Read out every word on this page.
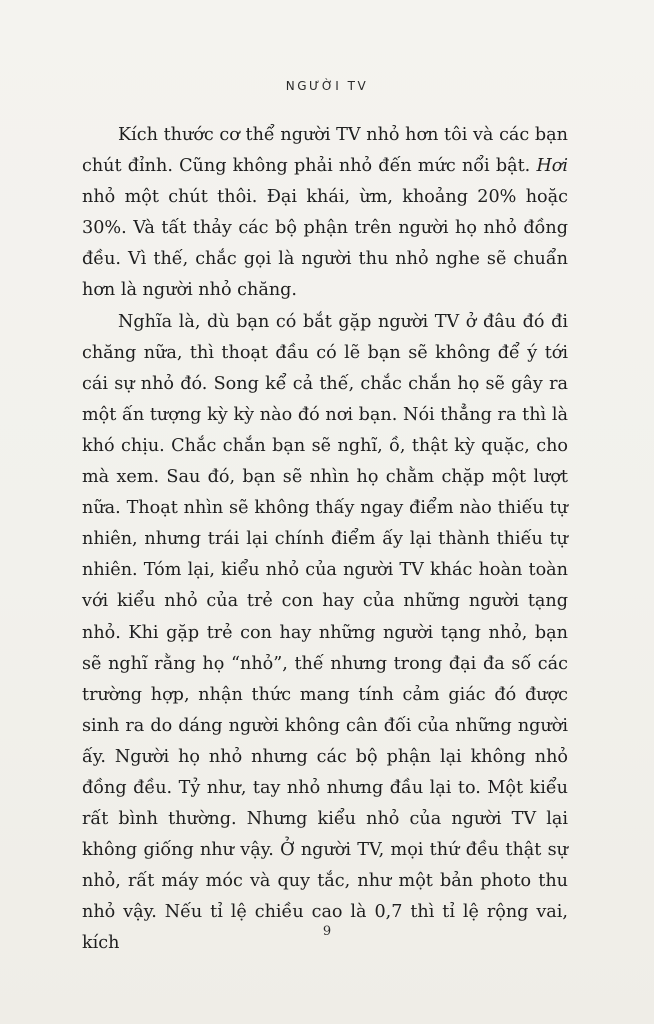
NGƯỜI TV

Kích thước cơ thể người TV nhỏ hơn tôi và các bạn chút đỉnh. Cũng không phải nhỏ đến mức nổi bật. Hơi nhỏ một chút thôi. Đại khái, ừm, khoảng 20% hoặc 30%. Và tất thảy các bộ phận trên người họ nhỏ đồng đều. Vì thế, chắc gọi là người thu nhỏ nghe sẽ chuẩn hơn là người nhỏ chăng.

Nghĩa là, dù bạn có bắt gặp người TV ở đâu đó đi chăng nữa, thì thoạt đầu có lẽ bạn sẽ không để ý tới cái sự nhỏ đó. Song kể cả thế, chắc chắn họ sẽ gây ra một ấn tượng kỳ kỳ nào đó nơi bạn. Nói thẳng ra thì là khó chịu. Chắc chắn bạn sẽ nghĩ, ồ, thật kỳ quặc, cho mà xem. Sau đó, bạn sẽ nhìn họ chằm chặp một lượt nữa. Thoạt nhìn sẽ không thấy ngay điểm nào thiếu tự nhiên, nhưng trái lại chính điểm ấy lại thành thiếu tự nhiên. Tóm lại, kiểu nhỏ của người TV khác hoàn toàn với kiểu nhỏ của trẻ con hay của những người tạng nhỏ. Khi gặp trẻ con hay những người tạng nhỏ, bạn sẽ nghĩ rằng họ “nhỏ”, thế nhưng trong đại đa số các trường hợp, nhận thức mang tính cảm giác đó được sinh ra do dáng người không cân đối của những người ấy. Người họ nhỏ nhưng các bộ phận lại không nhỏ đồng đều. Tỷ như, tay nhỏ nhưng đầu lại to. Một kiểu rất bình thường. Nhưng kiểu nhỏ của người TV lại không giống như vậy. Ở người TV, mọi thứ đều thật sự nhỏ, rất máy móc và quy tắc, như một bản photo thu nhỏ vậy. Nếu tỉ lệ chiều cao là 0,7 thì tỉ lệ rộng vai, kích

9
